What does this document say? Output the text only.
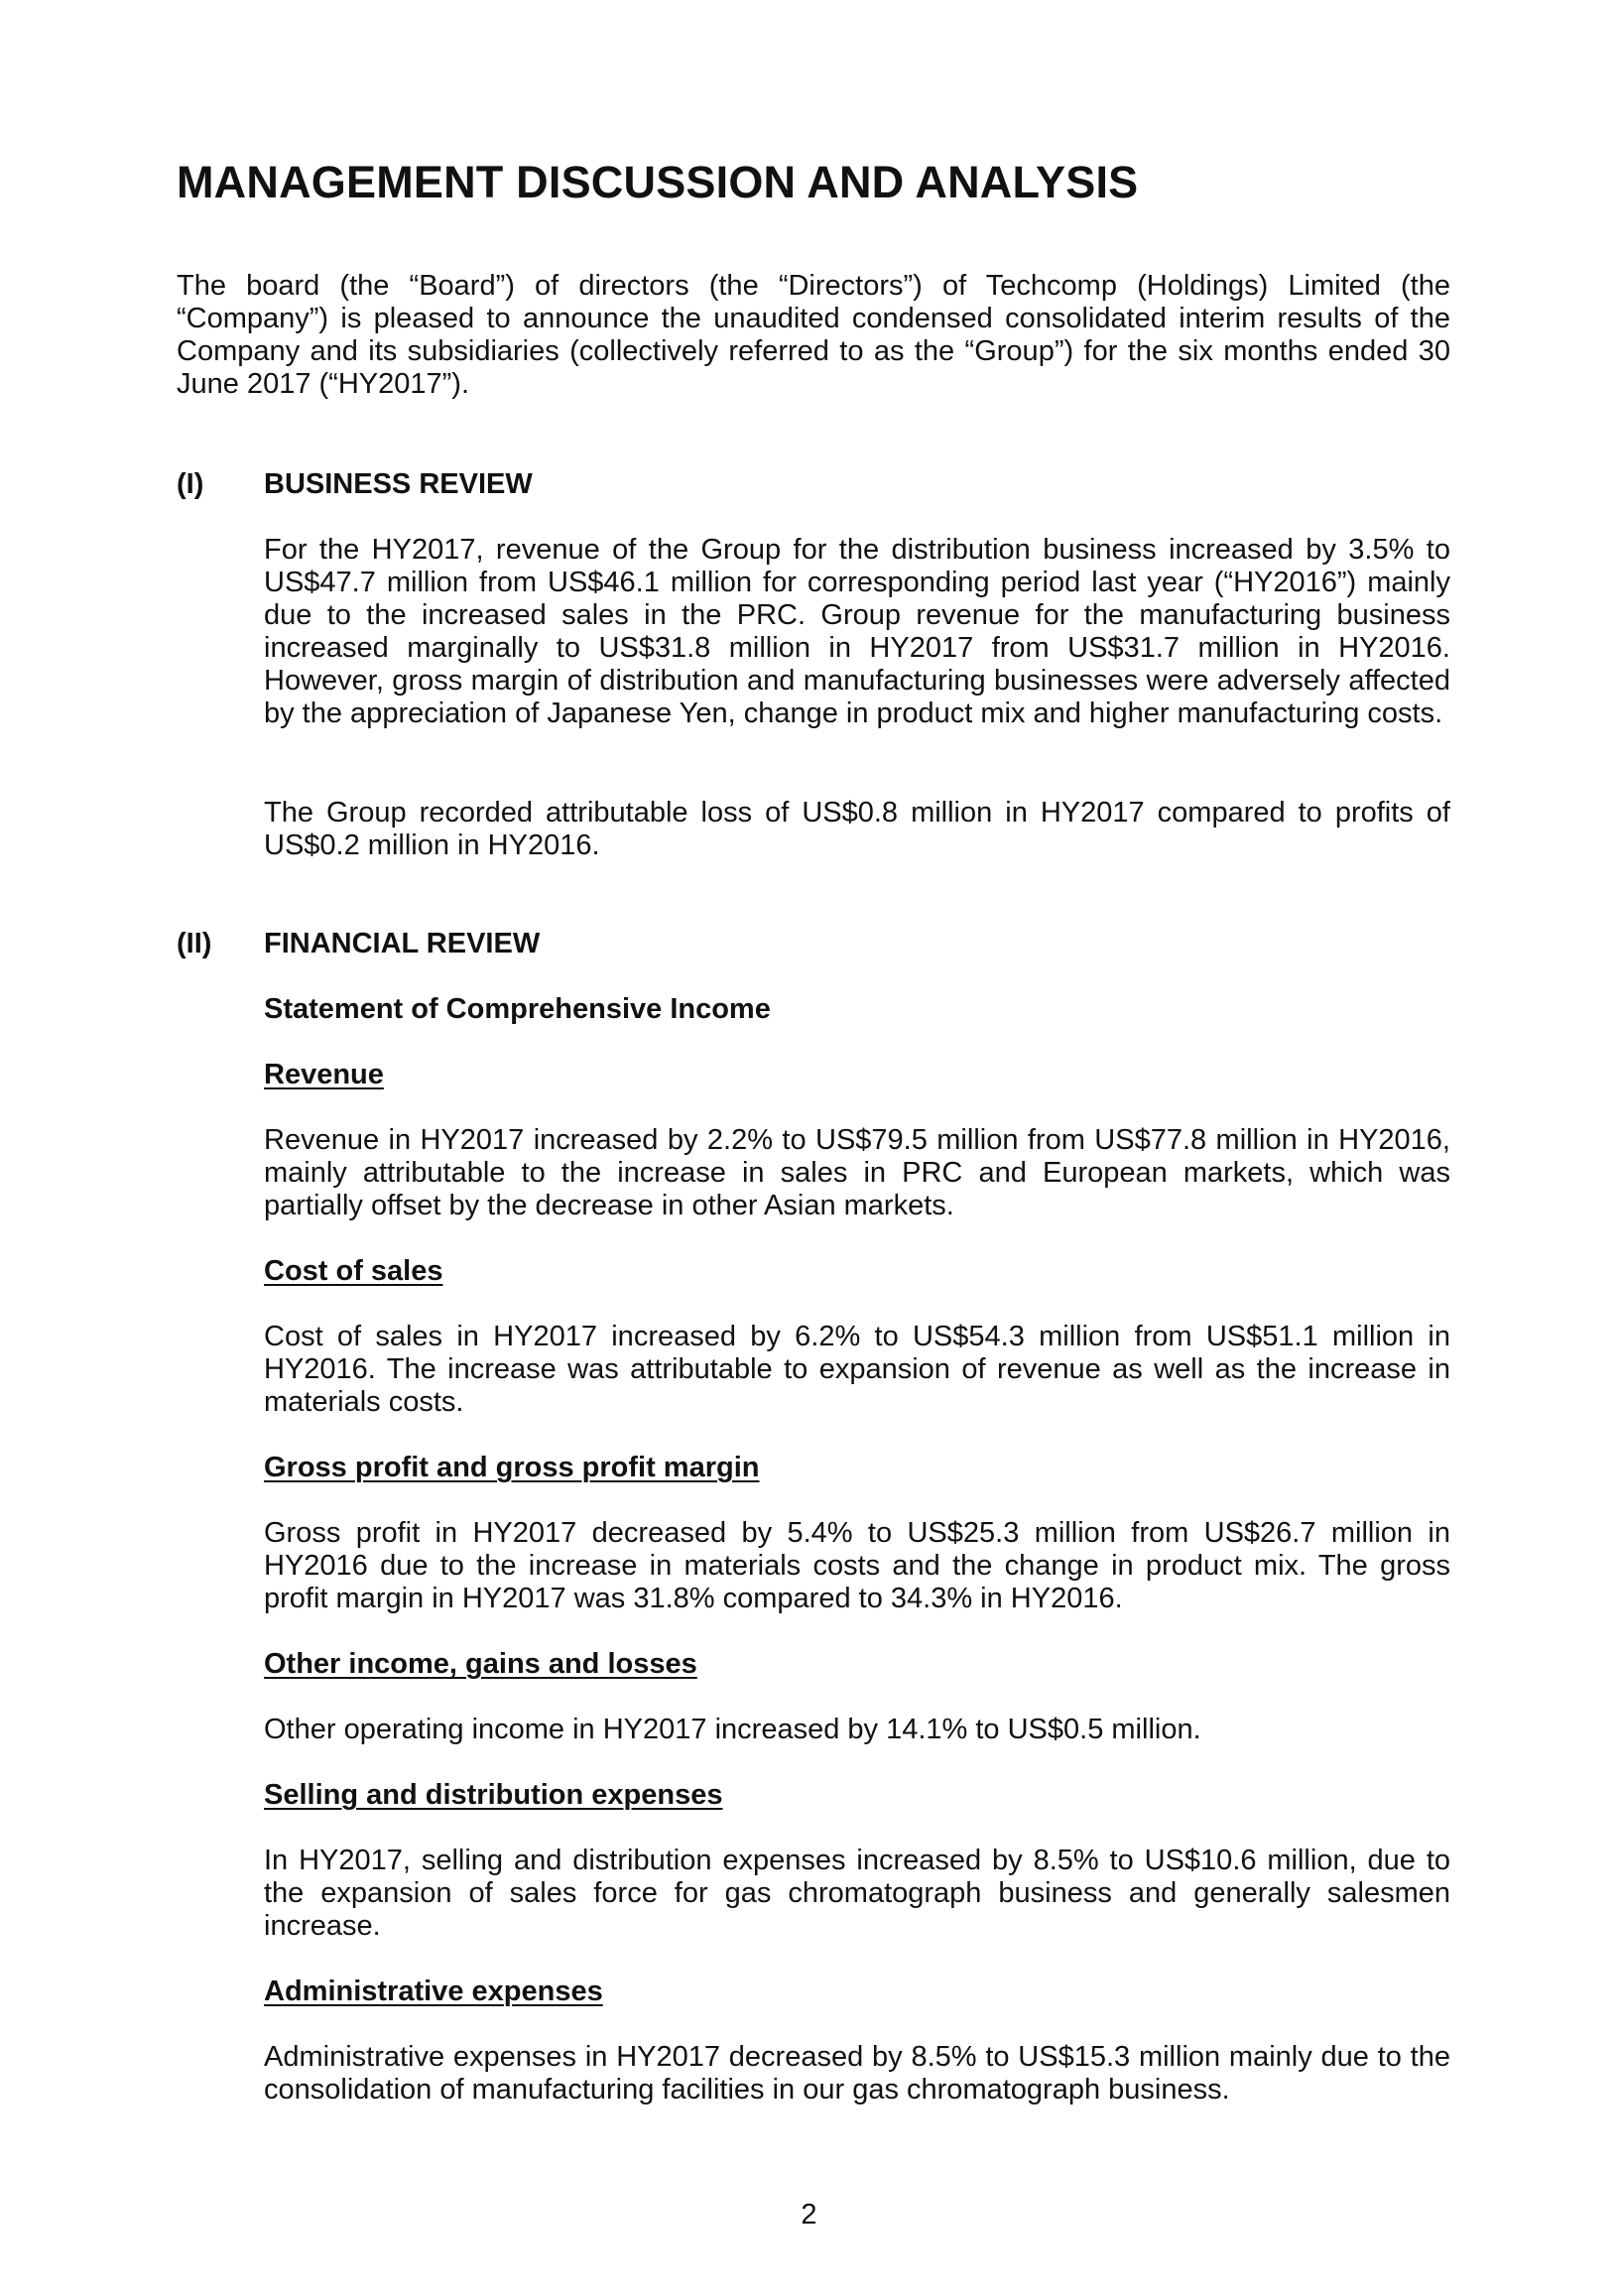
MANAGEMENT DISCUSSION AND ANALYSIS

The board (the “Board”) of directors (the “Directors”) of Techcomp (Holdings) Limited (the “Company”) is pleased to announce the unaudited condensed consolidated interim results of the Company and its subsidiaries (collectively referred to as the “Group”) for the six months ended 30 June 2017 (“HY2017”).

(I) BUSINESS REVIEW

For the HY2017, revenue of the Group for the distribution business increased by 3.5% to US$47.7 million from US$46.1 million for corresponding period last year (“HY2016”) mainly due to the increased sales in the PRC. Group revenue for the manufacturing business increased marginally to US$31.8 million in HY2017 from US$31.7 million in HY2016. However, gross margin of distribution and manufacturing businesses were adversely affected by the appreciation of Japanese Yen, change in product mix and higher manufacturing costs.

The Group recorded attributable loss of US$0.8 million in HY2017 compared to profits of US$0.2 million in HY2016.

(II) FINANCIAL REVIEW

Statement of Comprehensive Income

Revenue

Revenue in HY2017 increased by 2.2% to US$79.5 million from US$77.8 million in HY2016, mainly attributable to the increase in sales in PRC and European markets, which was partially offset by the decrease in other Asian markets.

Cost of sales

Cost of sales in HY2017 increased by 6.2% to US$54.3 million from US$51.1 million in HY2016. The increase was attributable to expansion of revenue as well as the increase in materials costs.

Gross profit and gross profit margin

Gross profit in HY2017 decreased by 5.4% to US$25.3 million from US$26.7 million in HY2016 due to the increase in materials costs and the change in product mix. The gross profit margin in HY2017 was 31.8% compared to 34.3% in HY2016.

Other income, gains and losses

Other operating income in HY2017 increased by 14.1% to US$0.5 million.

Selling and distribution expenses

In HY2017, selling and distribution expenses increased by 8.5% to US$10.6 million, due to the expansion of sales force for gas chromatograph business and generally salesmen increase.

Administrative expenses

Administrative expenses in HY2017 decreased by 8.5% to US$15.3 million mainly due to the consolidation of manufacturing facilities in our gas chromatograph business.

2
